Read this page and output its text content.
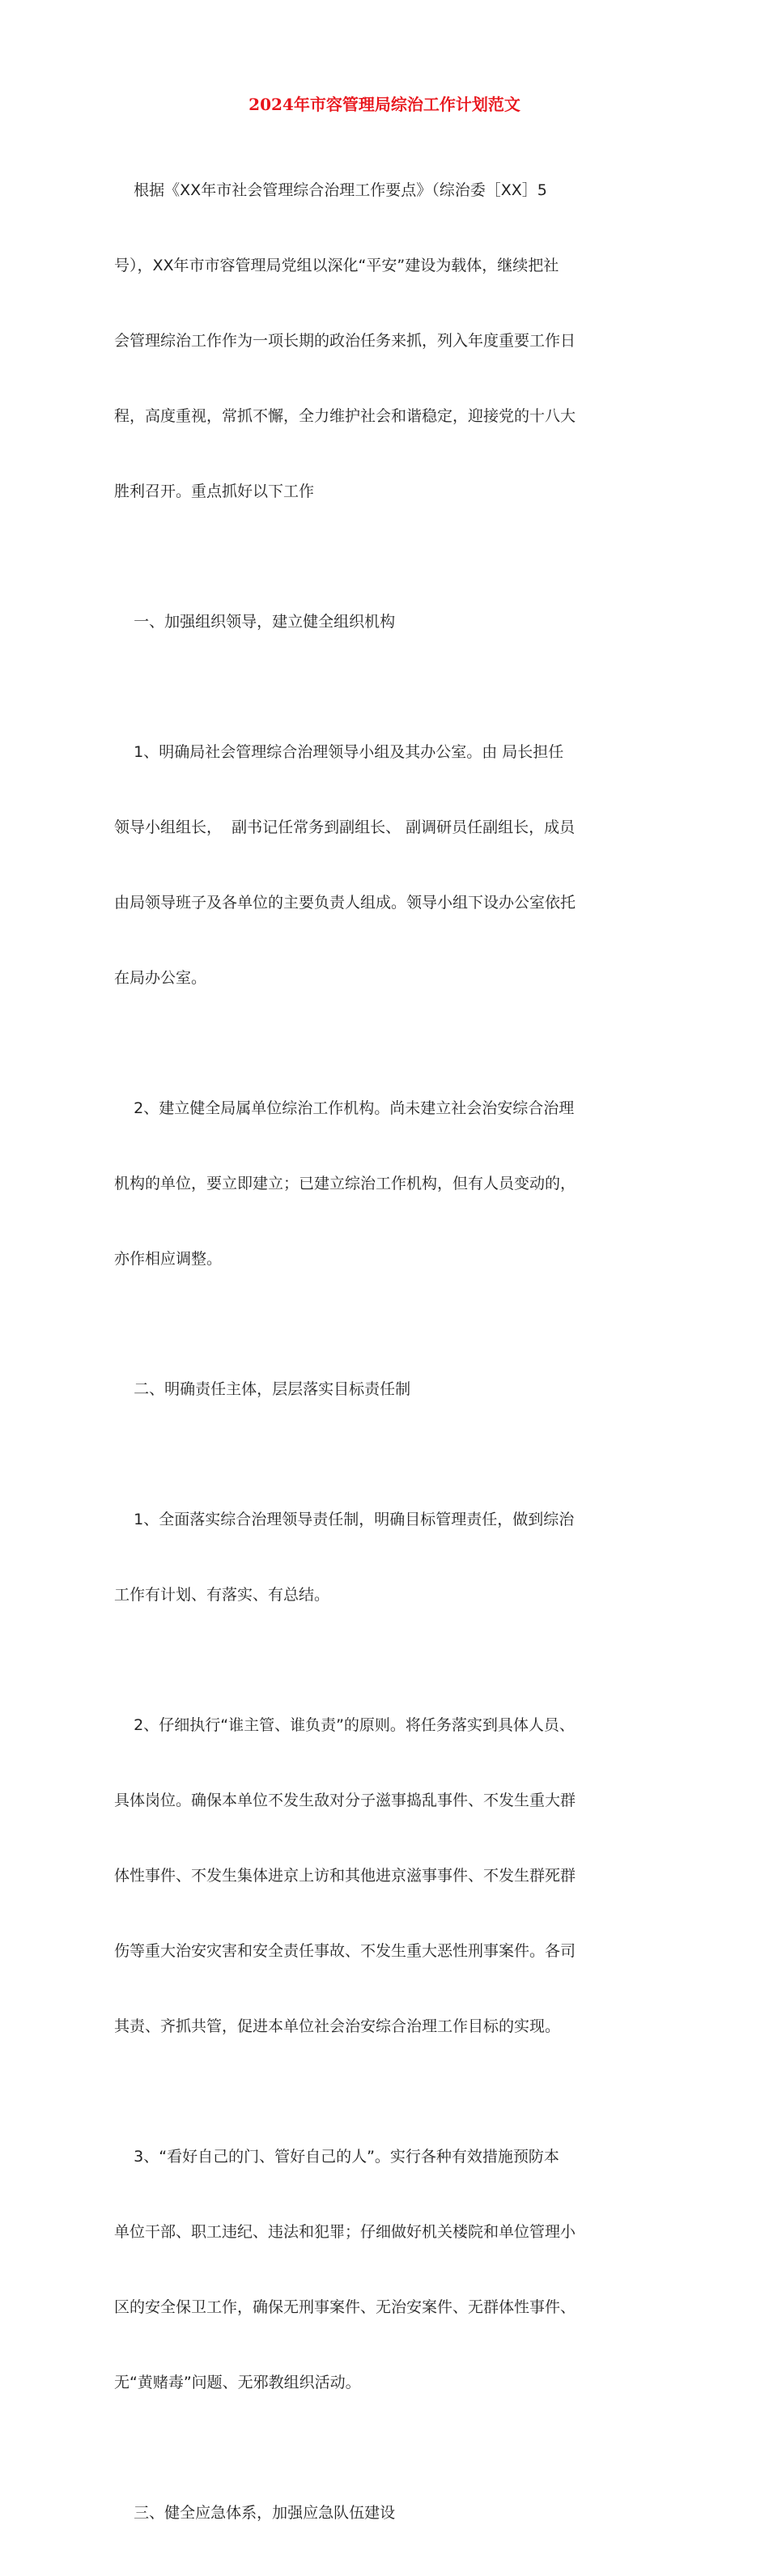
2024年市容管理局综治工作计划范文

根据《XX年市社会管理综合治理工作要点》（综治委［XX］5

号），XX年市市容管理局党组以深化“平安”建设为载体，继续把社

会管理综治工作作为一项长期的政治任务来抓，列入年度重要工作日

程，高度重视，常抓不懈，全力维护社会和谐稳定，迎接党的十八大

胜利召开。重点抓好以下工作

一、加强组织领导，建立健全组织机构

1、明确局社会管理综合治理领导小组及其办公室。由 局长担任

领导小组组长，  副书记任常务到副组长、 副调研员任副组长，成员

由局领导班子及各单位的主要负责人组成。领导小组下设办公室依托

在局办公室。

2、建立健全局属单位综治工作机构。尚未建立社会治安综合治理

机构的单位，要立即建立；已建立综治工作机构，但有人员变动的，

亦作相应调整。

二、明确责任主体，层层落实目标责任制

1、全面落实综合治理领导责任制，明确目标管理责任，做到综治

工作有计划、有落实、有总结。

2、仔细执行“谁主管、谁负责”的原则。将任务落实到具体人员、

具体岗位。确保本单位不发生敌对分子滋事捣乱事件、不发生重大群

体性事件、不发生集体进京上访和其他进京滋事事件、不发生群死群

伤等重大治安灾害和安全责任事故、不发生重大恶性刑事案件。各司

其责、齐抓共管，促进本单位社会治安综合治理工作目标的实现。

3、“看好自己的门、管好自己的人”。实行各种有效措施预防本

单位干部、职工违纪、违法和犯罪；仔细做好机关楼院和单位管理小

区的安全保卫工作，确保无刑事案件、无治安案件、无群体性事件、

无“黄赌毒”问题、无邪教组织活动。

三、健全应急体系，加强应急队伍建设
